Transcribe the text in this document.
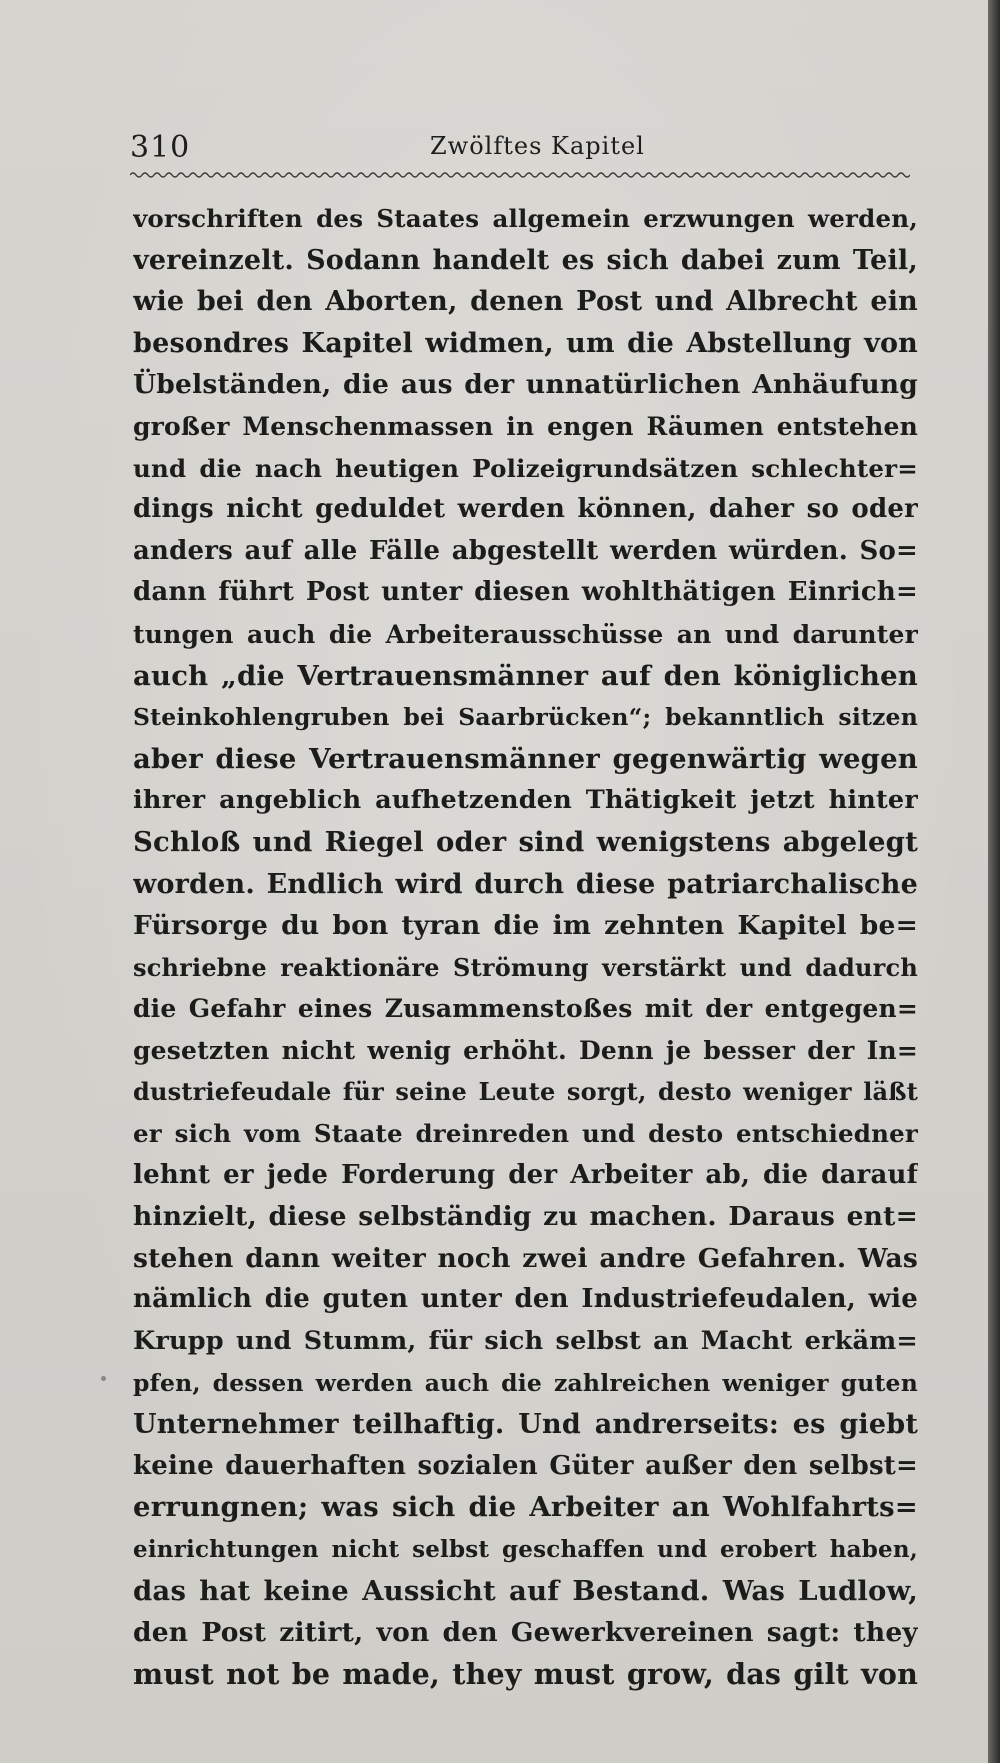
310	Zwölftes Kapitel
vorschriften des Staates allgemein erzwungen werden,
vereinzelt. Sodann handelt es sich dabei zum Teil,
wie bei den Aborten, denen Post und Albrecht ein
besondres Kapitel widmen, um die Abstellung von
Übelständen, die aus der unnatürlichen Anhäufung
großer Menschenmassen in engen Räumen entstehen
und die nach heutigen Polizeigrundsätzen schlechter=
dings nicht geduldet werden können, daher so oder
anders auf alle Fälle abgestellt werden würden. So=
dann führt Post unter diesen wohlthätigen Einrich=
tungen auch die Arbeiterausschüsse an und darunter
auch „die Vertrauensmänner auf den königlichen
Steinkohlengruben bei Saarbrücken“; bekanntlich sitzen
aber diese Vertrauensmänner gegenwärtig wegen
ihrer angeblich aufhetzenden Thätigkeit jetzt hinter
Schloß und Riegel oder sind wenigstens abgelegt
worden. Endlich wird durch diese patriarchalische
Fürsorge du bon tyran die im zehnten Kapitel be=
schriebne reaktionäre Strömung verstärkt und dadurch
die Gefahr eines Zusammenstoßes mit der entgegen=
gesetzten nicht wenig erhöht. Denn je besser der In=
dustriefeudale für seine Leute sorgt, desto weniger läßt
er sich vom Staate dreinreden und desto entschiedner
lehnt er jede Forderung der Arbeiter ab, die darauf
hinzielt, diese selbständig zu machen. Daraus ent=
stehen dann weiter noch zwei andre Gefahren. Was
nämlich die guten unter den Industriefeudalen, wie
Krupp und Stumm, für sich selbst an Macht erkäm=
pfen, dessen werden auch die zahlreichen weniger guten
Unternehmer teilhaftig. Und andrerseits: es giebt
keine dauerhaften sozialen Güter außer den selbst=
errungnen; was sich die Arbeiter an Wohlfahrts=
einrichtungen nicht selbst geschaffen und erobert haben,
das hat keine Aussicht auf Bestand. Was Ludlow,
den Post zitirt, von den Gewerkvereinen sagt: they
must not be made, they must grow, das gilt von
